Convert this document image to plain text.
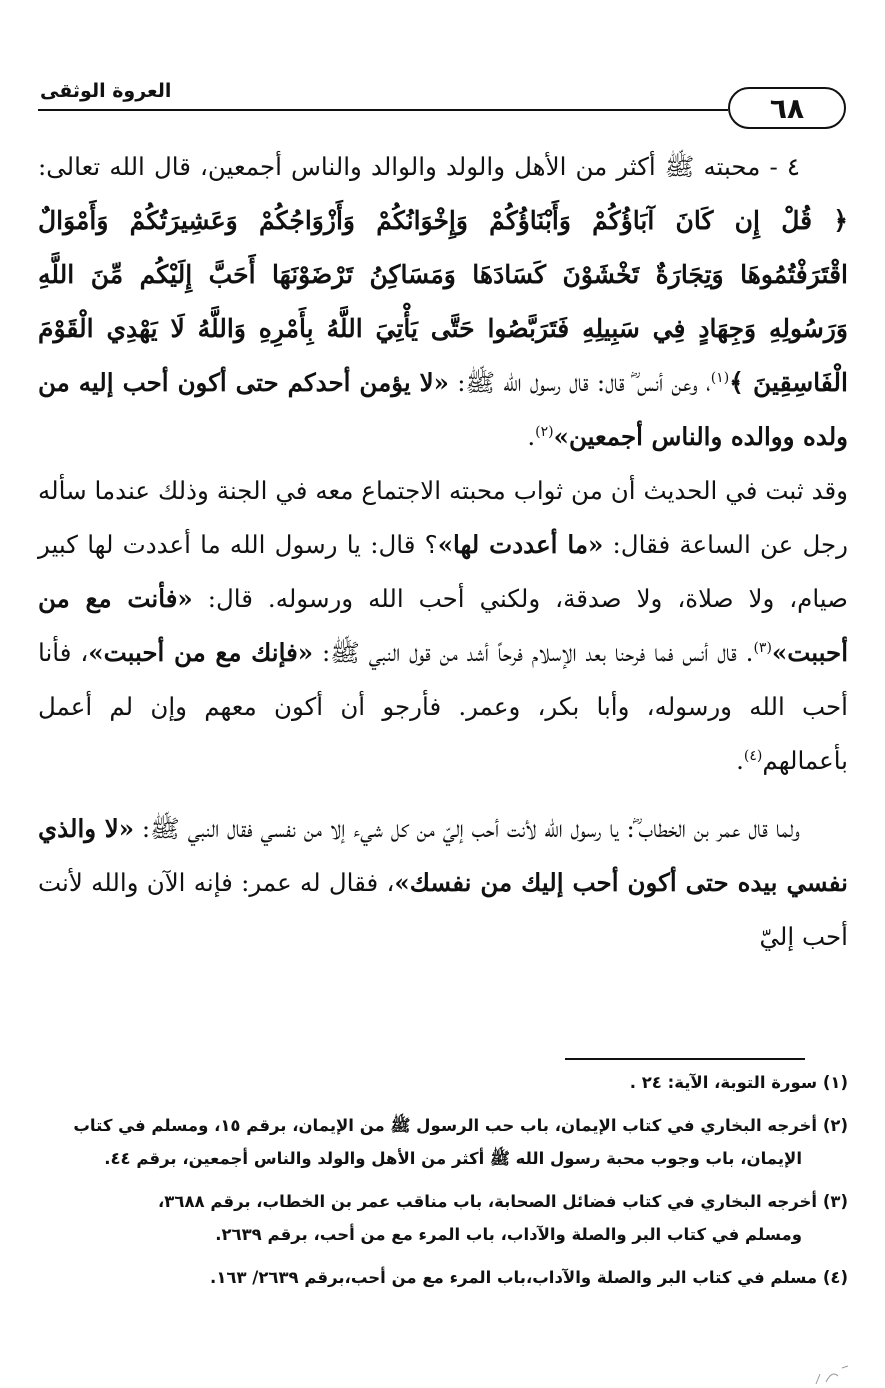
العروة الوثقى
٦٨

٤ - محبته ﷺ أكثر من الأهل والولد والوالد والناس أجمعين، قال الله تعالى: ﴿ قُلْ إِن كَانَ آبَاؤُكُمْ وَأَبْنَاؤُكُمْ وَإِخْوَانُكُمْ وَأَزْوَاجُكُمْ وَعَشِيرَتُكُمْ وَأَمْوَالٌ اقْتَرَفْتُمُوهَا وَتِجَارَةٌ تَخْشَوْنَ كَسَادَهَا وَمَسَاكِنُ تَرْضَوْنَهَا أَحَبَّ إِلَيْكُم مِّنَ اللَّهِ وَرَسُولِهِ وَجِهَادٍ فِي سَبِيلِهِ فَتَرَبَّصُوا حَتَّى يَأْتِيَ اللَّهُ بِأَمْرِهِ وَاللَّهُ لَا يَهْدِي الْقَوْمَ الْفَاسِقِينَ ﴾$^{(١)}$، وعن أنس ؓ قال: قال رسول الله ﷺ: «لا يؤمن أحدكم حتى أكون أحب إليه من ولده ووالده والناس أجمعين»$^{(٢)}$.

وقد ثبت في الحديث أن من ثواب محبته الاجتماع معه في الجنة وذلك عندما سأله رجل عن الساعة فقال: «ما أعددت لها»؟ قال: يا رسول الله ما أعددت لها كبير صيام، ولا صلاة، ولا صدقة، ولكني أحب الله ورسوله. قال: «فأنت مع من أحببت»$^{(٣)}$. قال أنس فما فرحنا بعد الإسلام فرحاً أشد من قول النبي ﷺ: «فإنك مع من أحببت»، فأنا أحب الله ورسوله، وأبا بكر، وعمر. فأرجو أن أكون معهم وإن لم أعمل بأعمالهم$^{(٤)}$.

ولما قال عمر بن الخطاب ؓ: يا رسول الله لأنت أحب إليّ من كل شيء إلا من نفسي فقال النبي ﷺ: «لا والذي نفسي بيده حتى أكون أحب إليك من نفسك»، فقال له عمر: فإنه الآن والله لأنت أحب إليّ

(١) سورة التوبة، الآية: ٢٤ .

(٢) أخرجه البخاري في كتاب الإيمان، باب حب الرسول ﷺ من الإيمان، برقم ١٥، ومسلم في كتاب
الإيمان، باب وجوب محبة رسول الله ﷺ أكثر من الأهل والولد والناس أجمعين، برقم ٤٤.

(٣) أخرجه البخاري في كتاب فضائل الصحابة، باب مناقب عمر بن الخطاب، برقم ٣٦٨٨،
ومسلم في كتاب البر والصلة والآداب، باب المرء مع من أحب، برقم ٢٦٣٩.

(٤) مسلم في كتاب البر والصلة والآداب،باب المرء مع من أحب،برقم ٢٦٣٩/ ١٦٣.
